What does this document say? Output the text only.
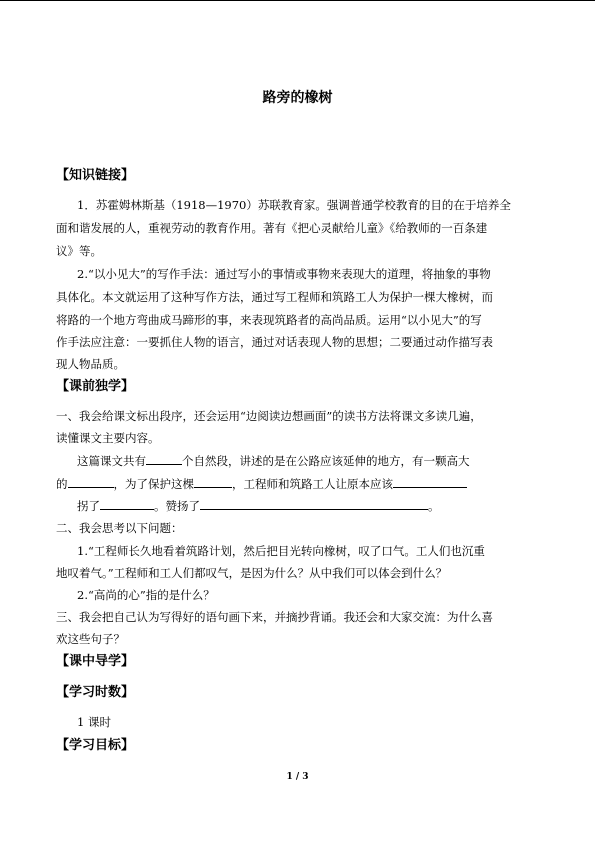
路旁的橡树
【知识链接】
1．苏霍姆林斯基（1918—1970）苏联教育家。强调普通学校教育的目的在于培养全
面和谐发展的人，重视劳动的教育作用。著有《把心灵献给儿童》《给教师的一百条建
议》等。
2.“以小见大”的写作手法：通过写小的事情或事物来表现大的道理，将抽象的事物
具体化。本文就运用了这种写作方法，通过写工程师和筑路工人为保护一棵大橡树，而
将路的一个地方弯曲成马蹄形的事，来表现筑路者的高尚品质。运用“以小见大”的写
作手法应注意：一要抓住人物的语言，通过对话表现人物的思想；二要通过动作描写表
现人物品质。
【课前独学】
一、我会给课文标出段序，还会运用“边阅读边想画面”的读书方法将课文多读几遍，
读懂课文主要内容。
这篇课文共有	个自然段，讲述的是在公路应该延伸的地方，有一颗高大
的	，为了保护这棵	，工程师和筑路工人让原本应该
拐了	。赞扬了	。
二、我会思考以下问题：
1.“工程师长久地看着筑路计划，然后把目光转向橡树，叹了口气。工人们也沉重
地叹着气。”工程师和工人们都叹气，是因为什么？从中我们可以体会到什么？
2.“高尚的心”指的是什么？
三、我会把自己认为写得好的语句画下来，并摘抄背诵。我还会和大家交流：为什么喜
欢这些句子？
【课中导学】
【学习时数】
1 课时
【学习目标】
1 / 3
